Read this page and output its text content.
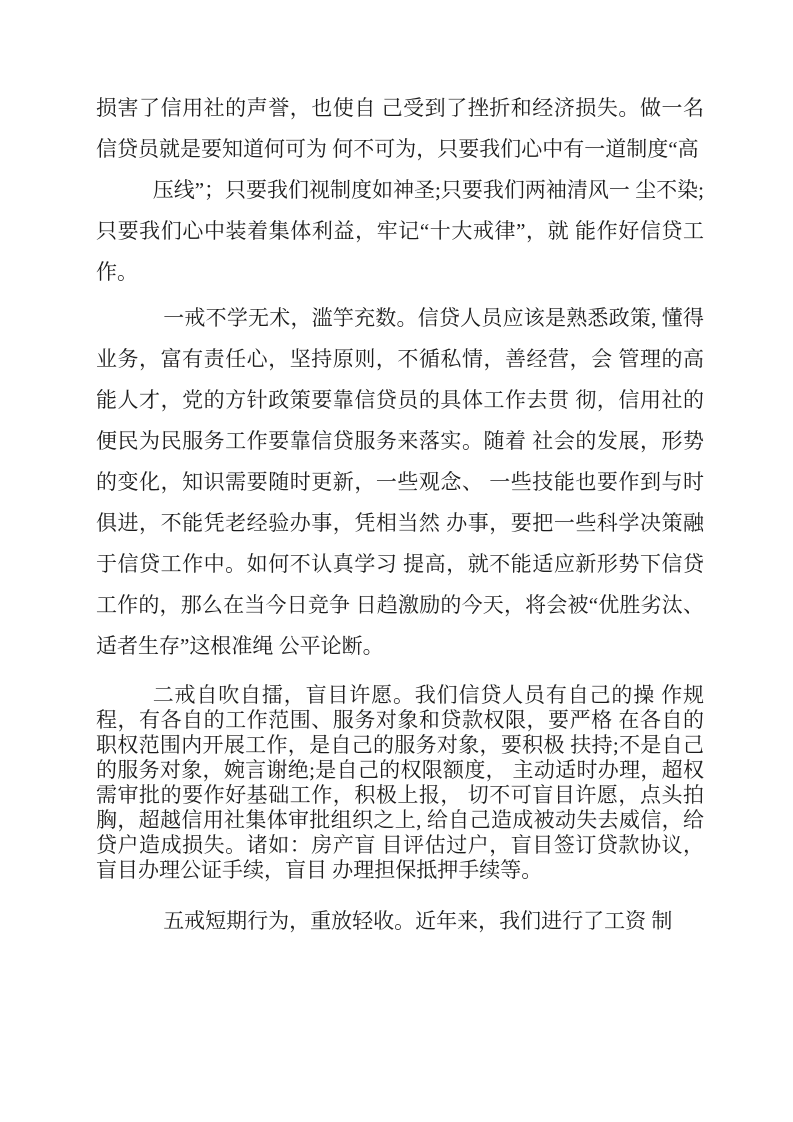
损害了信用社的声誉，也使自 己受到了挫折和经济损失。做一名信贷员就是要知道何可为 何不可为，只要我们心中有一道制度“高

压线”；只要我们视制度如神圣;只要我们两袖清风一 尘不染;只要我们心中装着集体利益，牢记“十大戒律”，就 能作好信贷工作。

一戒不学无术，滥竽充数。信贷人员应该是熟悉政策, 懂得业务，富有责任心，坚持原则，不循私情，善经营，会 管理的高能人才，党的方针政策要靠信贷员的具体工作去贯 彻，信用社的便民为民服务工作要靠信贷服务来落实。随着 社会的发展，形势的变化，知识需要随时更新，一些观念、 一些技能也要作到与时俱进，不能凭老经验办事，凭相当然 办事，要把一些科学决策融于信贷工作中。如何不认真学习 提高，就不能适应新形势下信贷工作的，那么在当今日竞争 日趋激励的今天，将会被“优胜劣汰、适者生存”这根准绳 公平论断。

二戒自吹自擂，盲目许愿。我们信贷人员有自己的操 作规程，有各自的工作范围、服务对象和贷款权限，要严格 在各自的职权范围内开展工作，是自己的服务对象，要积极 扶持;不是自己的服务对象，婉言谢绝;是自己的权限额度， 主动适时办理，超权需审批的要作好基础工作，积极上报， 切不可盲目许愿，点头拍胸，超越信用社集体审批组织之上, 给自己造成被动失去威信，给贷户造成损失。诸如：房产盲 目评估过户，盲目签订贷款协议，盲目办理公证手续，盲目 办理担保抵押手续等。

五戒短期行为，重放轻收。近年来，我们进行了工资 制
